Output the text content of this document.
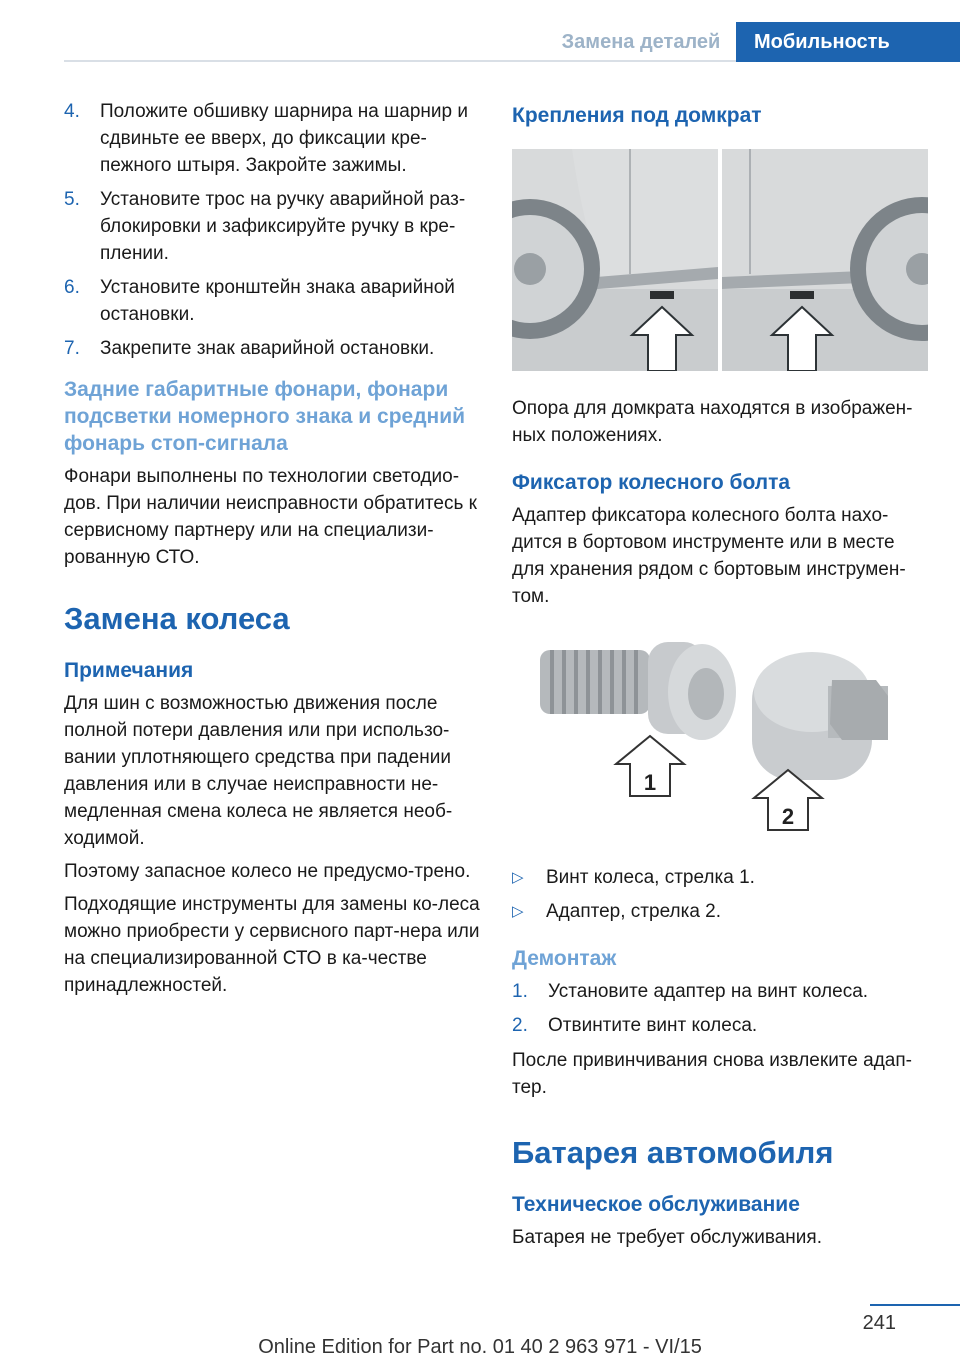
Замена деталей	Мобильность
4.	Положите обшивку шарнира на шарнир и сдвиньте ее вверх, до фиксации кре-пежного штыря. Закройте зажимы.
5.	Установите трос на ручку аварийной раз-блокировки и зафиксируйте ручку в кре-плении.
6.	Установите кронштейн знака аварийной остановки.
7.	Закрепите знак аварийной остановки.
Задние габаритные фонари, фонари подсветки номерного знака и средний фонарь стоп-сигнала

Фонари выполнены по технологии светодио-дов. При наличии неисправности обратитесь к сервисному партнеру или на специализи-рованную СТО.

Замена колеса
Примечания

Для шин с возможностью движения после полной потери давления или при использо-вании уплотняющего средства при падении давления или в случае неисправности не-медленная смена колеса не является необ-ходимой.

Поэтому запасное колесо не предусмо-трено.

Подходящие инструменты для замены ко-леса можно приобрести у сервисного парт-нера или на специализированной СТО в ка-честве принадлежностей.

Крепления под домкрат

Опора для домкрата находятся в изображен-ных положениях.

Фиксатор колесного болта

Адаптер фиксатора колесного болта нахо-дится в бортовом инструменте или в месте для хранения рядом с бортовым инструмен-том.

1
2
▷	Винт колеса, стрелка 1.
▷	Адаптер, стрелка 2.
Демонтаж
1.	Установите адаптер на винт колеса.
2.	Отвинтите винт колеса.

После привинчивания снова извлеките адап-тер.

Батарея автомобиля
Техническое обслуживание

Батарея не требует обслуживания.

241
Online Edition for Part no. 01 40 2 963 971 - VI/15
